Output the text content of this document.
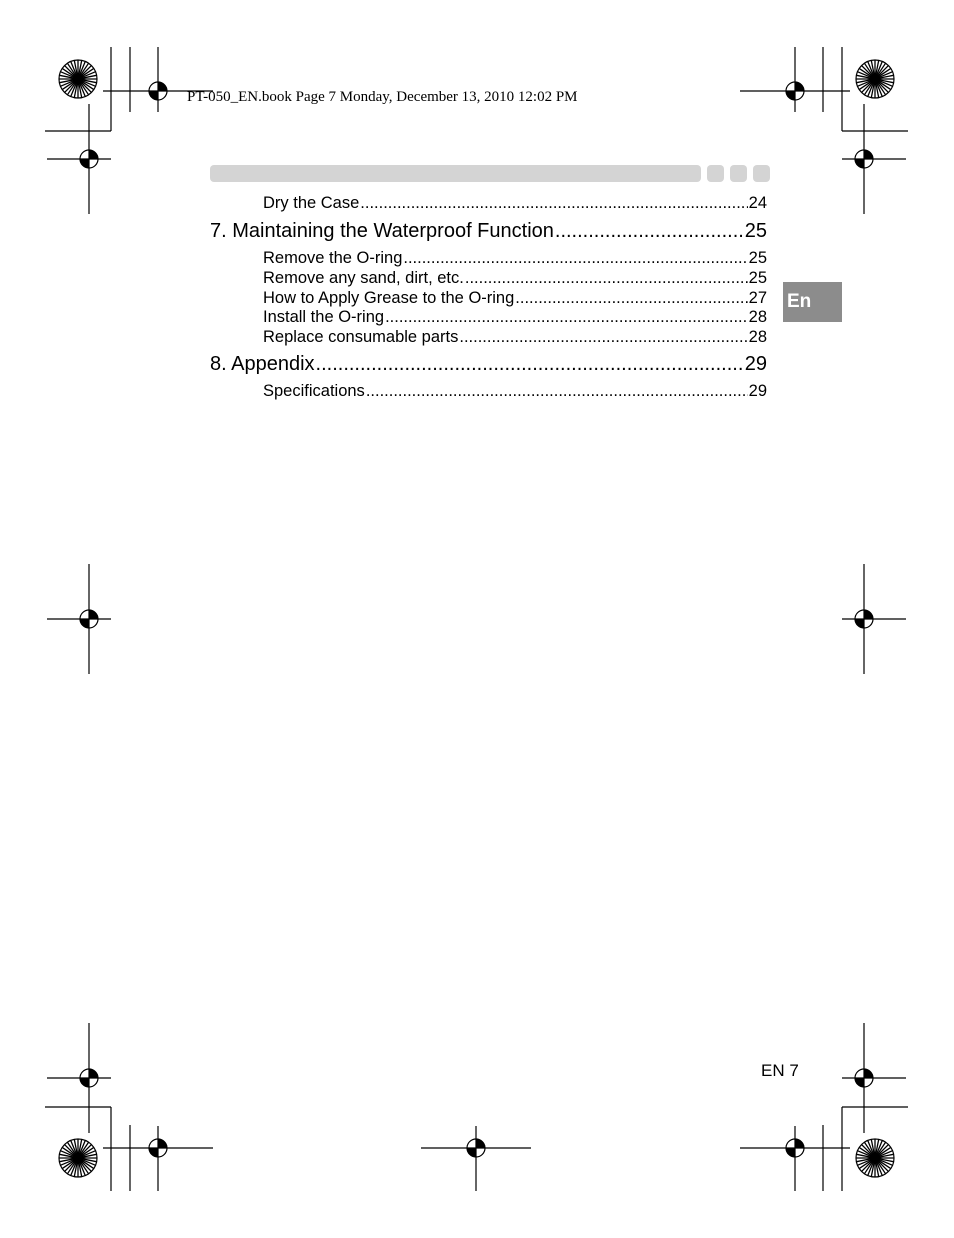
PT-050_EN.book Page 7 Monday, December 13, 2010 12:02 PM
Dry the Case .....	24
7. Maintaining the Waterproof Function .....	25
Remove the O-ring .....	25
Remove any sand, dirt, etc. .....	25
How to Apply Grease to the O-ring .....	27
Install the O-ring .....	28
Replace consumable parts .....	28
8. Appendix .....	29
Specifications .....	29
En
EN 7
